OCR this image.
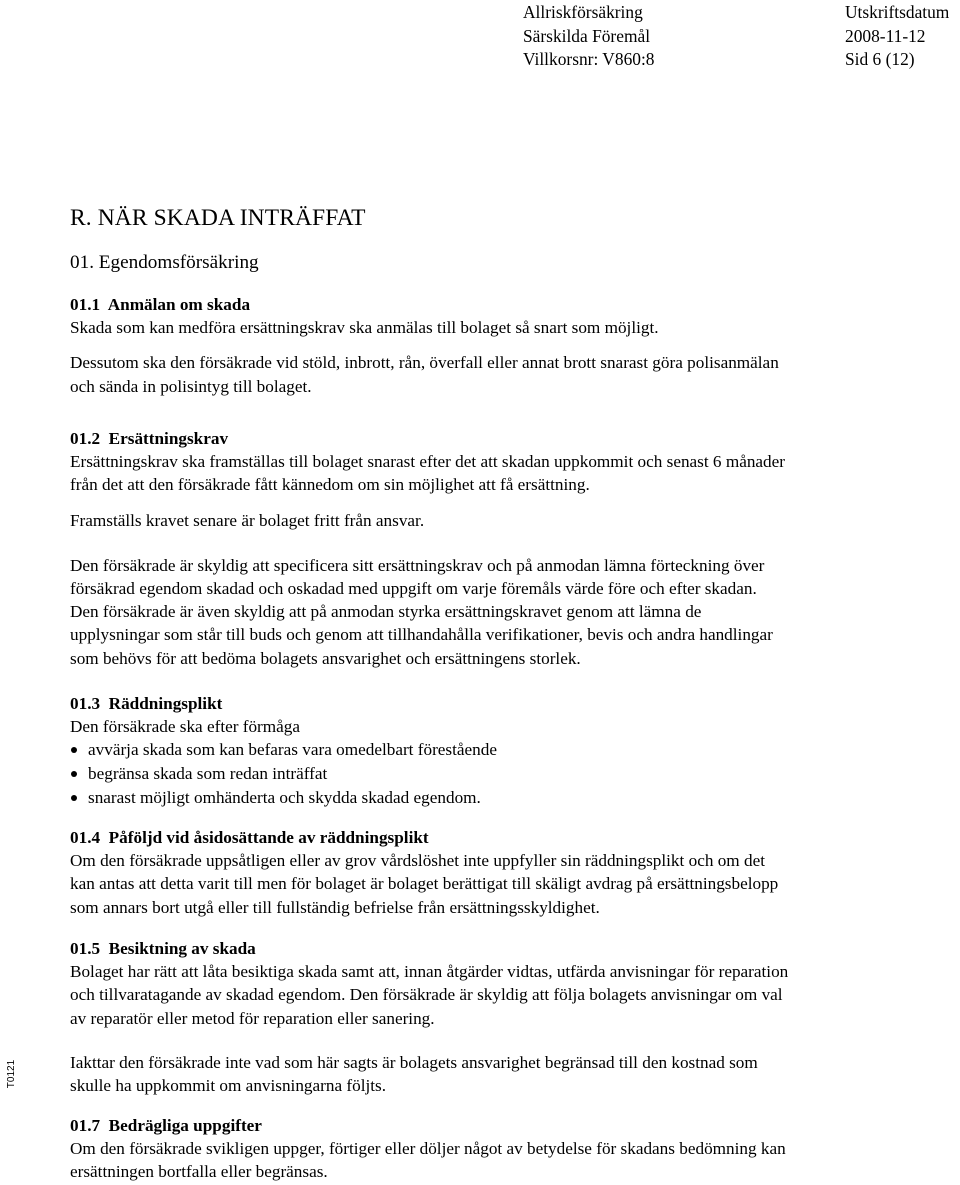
Allriskförsäkring
Särskilda Föremål
Villkorsnr: V860:8
Utskriftsdatum
2008-11-12
Sid 6 (12)
T0121
R. NÄR SKADA INTRÄFFAT
01. Egendomsförsäkring

01.1 Anmälan om skada

Skada som kan medföra ersättningskrav ska anmälas till bolaget så snart som möjligt.

Dessutom ska den försäkrade vid stöld, inbrott, rån, överfall eller annat brott snarast göra polisanmälan

och sända in polisintyg till bolaget.

01.2 Ersättningskrav

Ersättningskrav ska framställas till bolaget snarast efter det att skadan uppkommit och senast 6 månader

från det att den försäkrade fått kännedom om sin möjlighet att få ersättning.

Framställs kravet senare är bolaget fritt från ansvar.

Den försäkrade är skyldig att specificera sitt ersättningskrav och på anmodan lämna förteckning över

försäkrad egendom skadad och oskadad med uppgift om varje föremåls värde före och efter skadan.

Den försäkrade är även skyldig att på anmodan styrka ersättningskravet genom att lämna de

upplysningar som står till buds och genom att tillhandahålla verifikationer, bevis och andra handlingar

som behövs för att bedöma bolagets ansvarighet och ersättningens storlek.

01.3 Räddningsplikt

Den försäkrade ska efter förmåga

avvärja skada som kan befaras vara omedelbart förestående
begränsa skada som redan inträffat
snarast möjligt omhänderta och skydda skadad egendom.

01.4 Påföljd vid åsidosättande av räddningsplikt

Om den försäkrade uppsåtligen eller av grov vårdslöshet inte uppfyller sin räddningsplikt och om det

kan antas att detta varit till men för bolaget är bolaget berättigat till skäligt avdrag på ersättningsbelopp

som annars bort utgå eller till fullständig befrielse från ersättningsskyldighet.

01.5 Besiktning av skada

Bolaget har rätt att låta besiktiga skada samt att, innan åtgärder vidtas, utfärda anvisningar för reparation

och tillvaratagande av skadad egendom. Den försäkrade är skyldig att följa bolagets anvisningar om val

av reparatör eller metod för reparation eller sanering.

Iakttar den försäkrade inte vad som här sagts är bolagets ansvarighet begränsad till den kostnad som

skulle ha uppkommit om anvisningarna följts.

01.7 Bedrägliga uppgifter

Om den försäkrade svikligen uppger, förtiger eller döljer något av betydelse för skadans bedömning kan

ersättningen bortfalla eller begränsas.
